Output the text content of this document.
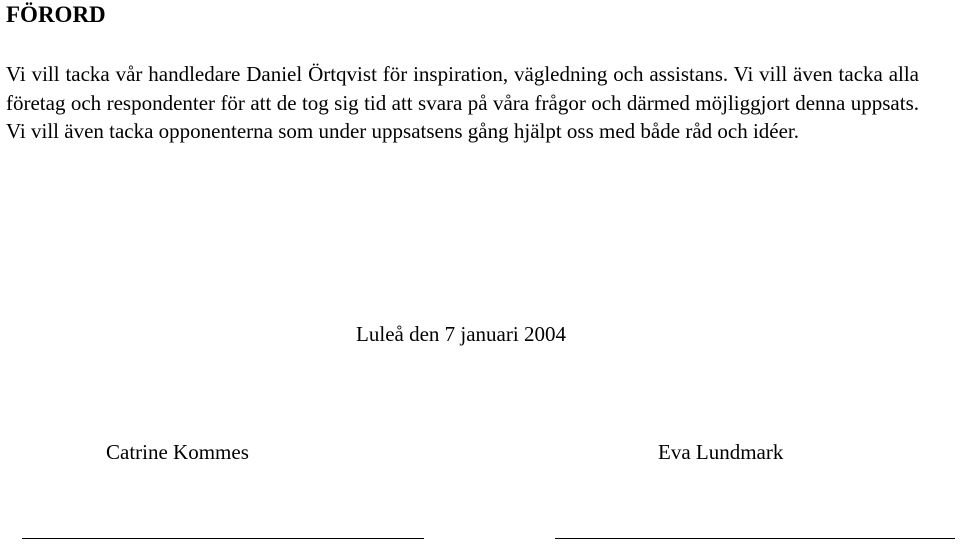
FÖRORD

Vi vill tacka vår handledare Daniel Örtqvist för inspiration, vägledning och assistans. Vi vill även tacka alla företag och respondenter för att de tog sig tid att svara på våra frågor och därmed möjliggjort denna uppsats. Vi vill även tacka opponenterna som under uppsatsens gång hjälpt oss med både råd och idéer.

Luleå den 7 januari 2004

Catrine Kommes	Eva Lundmark
